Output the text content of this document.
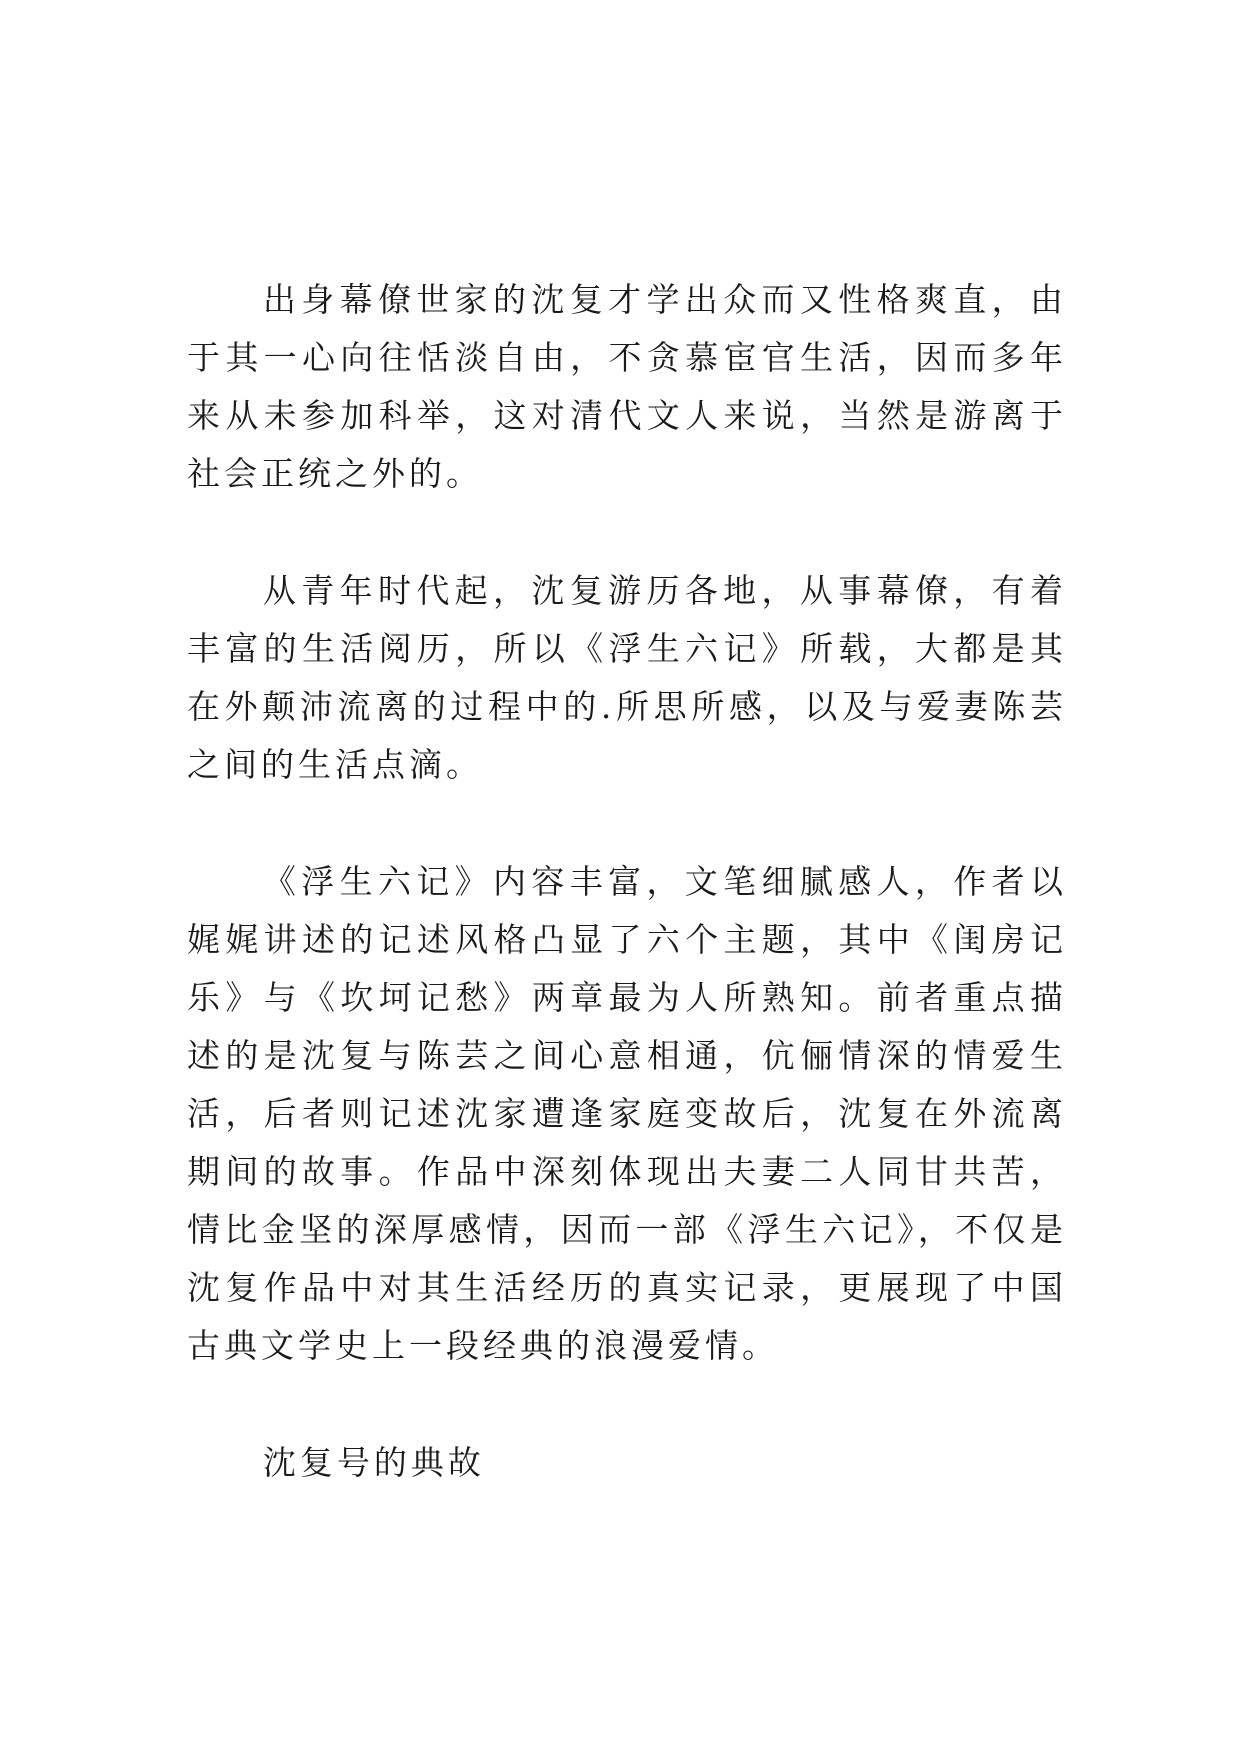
出身幕僚世家的沈复才学出众而又性格爽直，由于其一心向往恬淡自由，不贪慕宦官生活，因而多年来从未参加科举，这对清代文人来说，当然是游离于社会正统之外的。

从青年时代起，沈复游历各地，从事幕僚，有着丰富的生活阅历，所以《浮生六记》所载，大都是其在外颠沛流离的过程中的.所思所感，以及与爱妻陈芸之间的生活点滴。

《浮生六记》内容丰富，文笔细腻感人，作者以娓娓讲述的记述风格凸显了六个主题，其中《闺房记乐》与《坎坷记愁》两章最为人所熟知。前者重点描述的是沈复与陈芸之间心意相通，伉俪情深的情爱生活，后者则记述沈家遭逢家庭变故后，沈复在外流离期间的故事。作品中深刻体现出夫妻二人同甘共苦，情比金坚的深厚感情，因而一部《浮生六记》，不仅是沈复作品中对其生活经历的真实记录，更展现了中国古典文学史上一段经典的浪漫爱情。

沈复号的典故
